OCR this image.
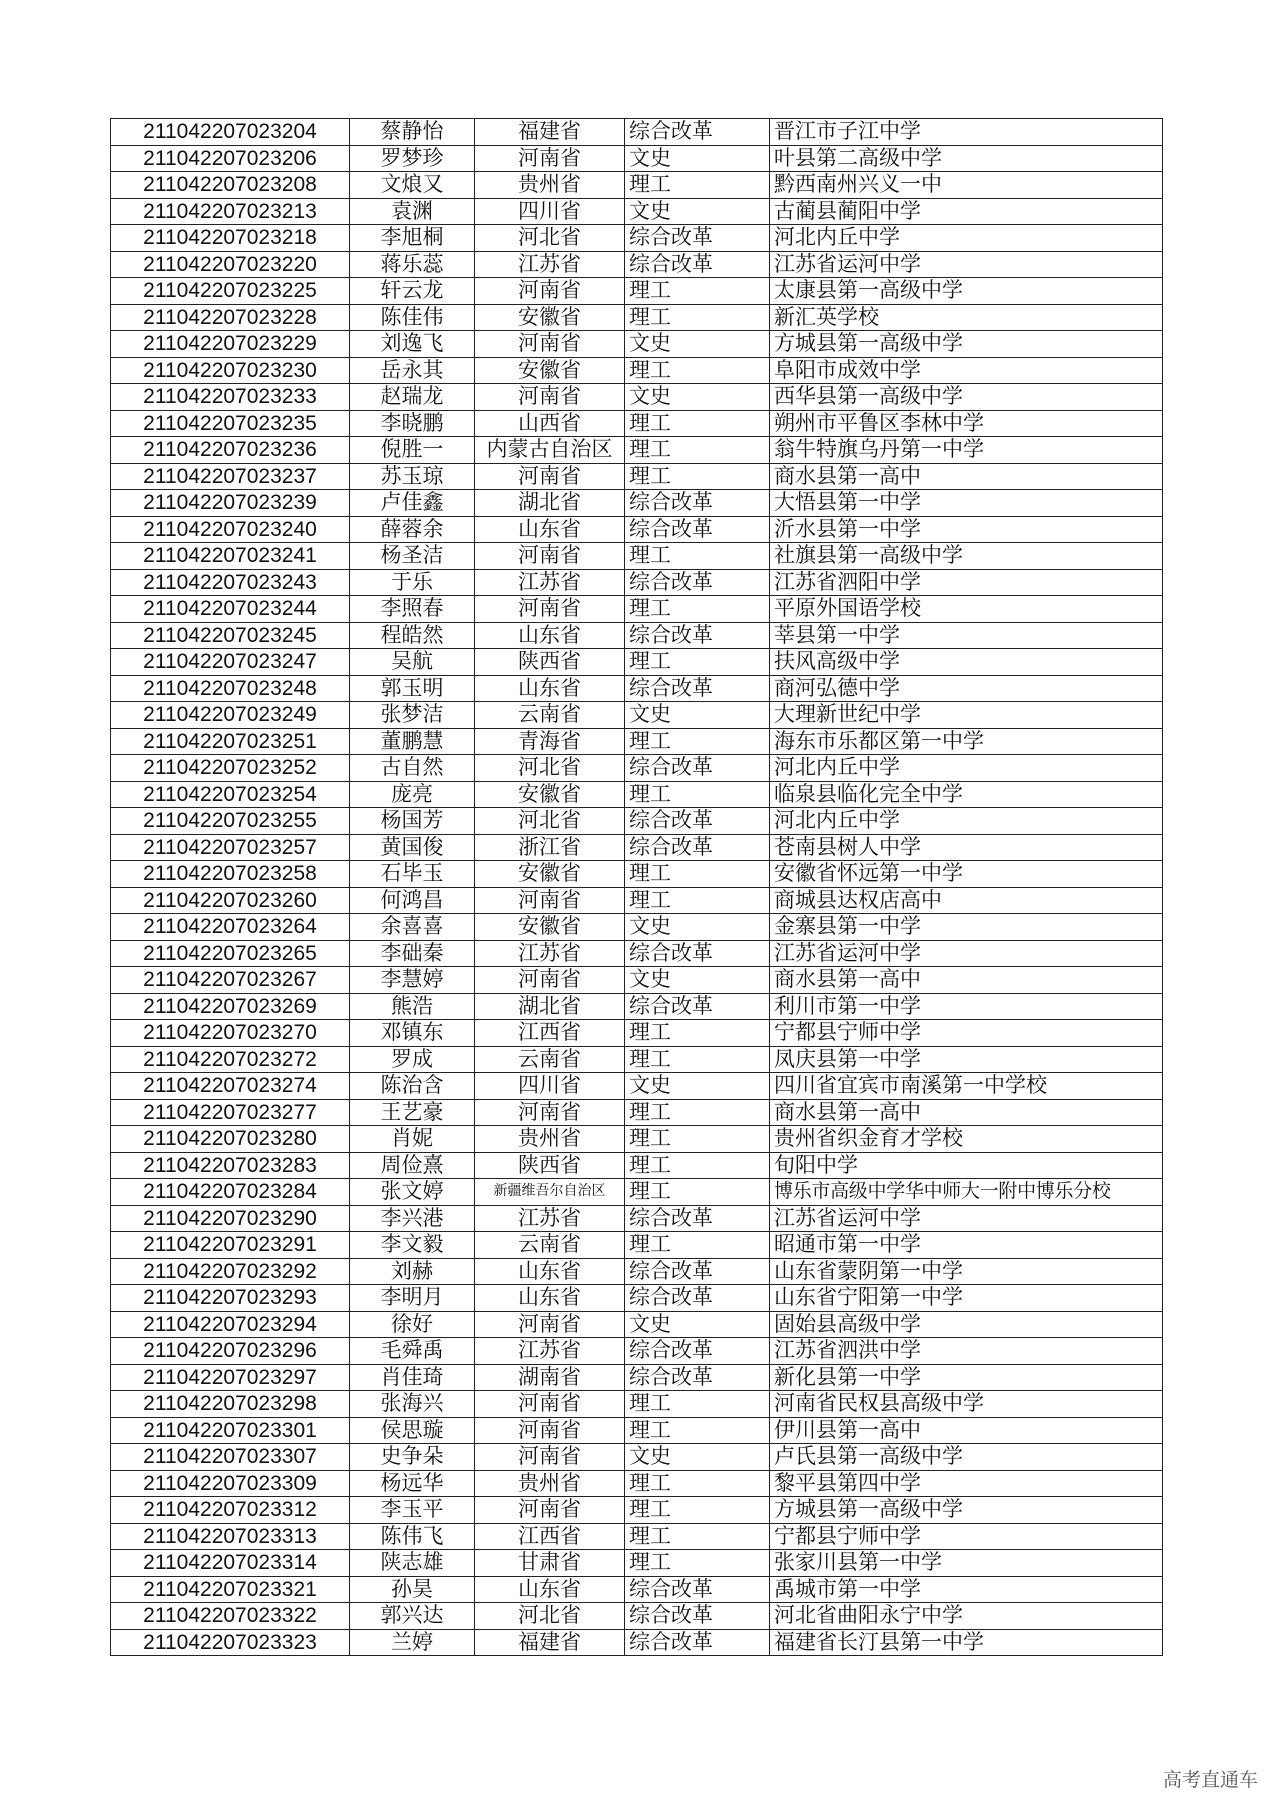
211042207023204	蔡静怡	福建省	综合改革	晋江市子江中学
211042207023206	罗梦珍	河南省	文史	叶县第二高级中学
211042207023208	文烺又	贵州省	理工	黔西南州兴义一中
211042207023213	袁渊	四川省	文史	古蔺县蔺阳中学
211042207023218	李旭桐	河北省	综合改革	河北内丘中学
211042207023220	蒋乐蕊	江苏省	综合改革	江苏省运河中学
211042207023225	轩云龙	河南省	理工	太康县第一高级中学
211042207023228	陈佳伟	安徽省	理工	新汇英学校
211042207023229	刘逸飞	河南省	文史	方城县第一高级中学
211042207023230	岳永其	安徽省	理工	阜阳市成效中学
211042207023233	赵瑞龙	河南省	文史	西华县第一高级中学
211042207023235	李晓鹏	山西省	理工	朔州市平鲁区李林中学
211042207023236	倪胜一	内蒙古自治区	理工	翁牛特旗乌丹第一中学
211042207023237	苏玉琼	河南省	理工	商水县第一高中
211042207023239	卢佳鑫	湖北省	综合改革	大悟县第一中学
211042207023240	薛蓉余	山东省	综合改革	沂水县第一中学
211042207023241	杨圣洁	河南省	理工	社旗县第一高级中学
211042207023243	于乐	江苏省	综合改革	江苏省泗阳中学
211042207023244	李照春	河南省	理工	平原外国语学校
211042207023245	程皓然	山东省	综合改革	莘县第一中学
211042207023247	吴航	陕西省	理工	扶风高级中学
211042207023248	郭玉明	山东省	综合改革	商河弘德中学
211042207023249	张梦洁	云南省	文史	大理新世纪中学
211042207023251	董鹏慧	青海省	理工	海东市乐都区第一中学
211042207023252	古自然	河北省	综合改革	河北内丘中学
211042207023254	庞亮	安徽省	理工	临泉县临化完全中学
211042207023255	杨国芳	河北省	综合改革	河北内丘中学
211042207023257	黄国俊	浙江省	综合改革	苍南县树人中学
211042207023258	石毕玉	安徽省	理工	安徽省怀远第一中学
211042207023260	何鸿昌	河南省	理工	商城县达权店高中
211042207023264	余喜喜	安徽省	文史	金寨县第一中学
211042207023265	李础秦	江苏省	综合改革	江苏省运河中学
211042207023267	李慧婷	河南省	文史	商水县第一高中
211042207023269	熊浩	湖北省	综合改革	利川市第一中学
211042207023270	邓镇东	江西省	理工	宁都县宁师中学
211042207023272	罗成	云南省	理工	凤庆县第一中学
211042207023274	陈治含	四川省	文史	四川省宜宾市南溪第一中学校
211042207023277	王艺豪	河南省	理工	商水县第一高中
211042207023280	肖妮	贵州省	理工	贵州省织金育才学校
211042207023283	周俭熹	陕西省	理工	旬阳中学
211042207023284	张文婷	新疆维吾尔自治区	理工	博乐市高级中学华中师大一附中博乐分校
211042207023290	李兴港	江苏省	综合改革	江苏省运河中学
211042207023291	李文毅	云南省	理工	昭通市第一中学
211042207023292	刘赫	山东省	综合改革	山东省蒙阴第一中学
211042207023293	李明月	山东省	综合改革	山东省宁阳第一中学
211042207023294	徐好	河南省	文史	固始县高级中学
211042207023296	毛舜禹	江苏省	综合改革	江苏省泗洪中学
211042207023297	肖佳琦	湖南省	综合改革	新化县第一中学
211042207023298	张海兴	河南省	理工	河南省民权县高级中学
211042207023301	侯思璇	河南省	理工	伊川县第一高中
211042207023307	史争朵	河南省	文史	卢氏县第一高级中学
211042207023309	杨远华	贵州省	理工	黎平县第四中学
211042207023312	李玉平	河南省	理工	方城县第一高级中学
211042207023313	陈伟飞	江西省	理工	宁都县宁师中学
211042207023314	陕志雄	甘肃省	理工	张家川县第一中学
211042207023321	孙昊	山东省	综合改革	禹城市第一中学
211042207023322	郭兴达	河北省	综合改革	河北省曲阳永宁中学
211042207023323	兰婷	福建省	综合改革	福建省长汀县第一中学
高考直通车
